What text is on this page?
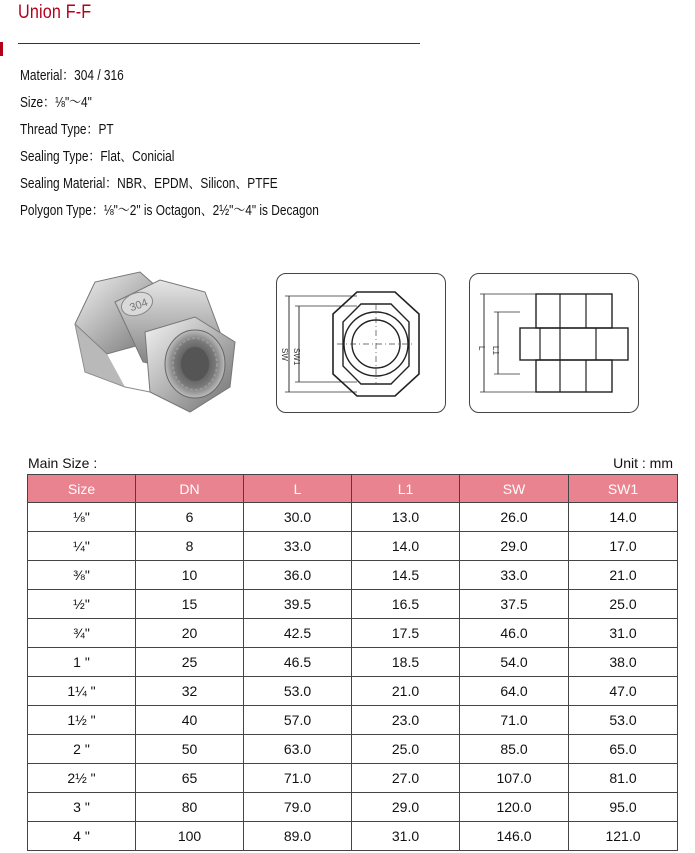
Union F-F
Material：304 / 316
Size：⅛"～4"
Thread Type：PT
Sealing Type：Flat、Conicial
Sealing Material：NBR、EPDM、Silicon、PTFE
Polygon Type：⅛"～2" is Octagon、2½"～4" is Decagon
304
SW SW1	L L1
Main Size :	Unit : mm
Size	DN	L	L1	SW	SW1
⅛"	6	30.0	13.0	26.0	14.0
¼"	8	33.0	14.0	29.0	17.0
⅜"	10	36.0	14.5	33.0	21.0
½"	15	39.5	16.5	37.5	25.0
¾"	20	42.5	17.5	46.0	31.0
1 "	25	46.5	18.5	54.0	38.0
1¼ "	32	53.0	21.0	64.0	47.0
1½ "	40	57.0	23.0	71.0	53.0
2 "	50	63.0	25.0	85.0	65.0
2½ "	65	71.0	27.0	107.0	81.0
3 "	80	79.0	29.0	120.0	95.0
4 "	100	89.0	31.0	146.0	121.0
